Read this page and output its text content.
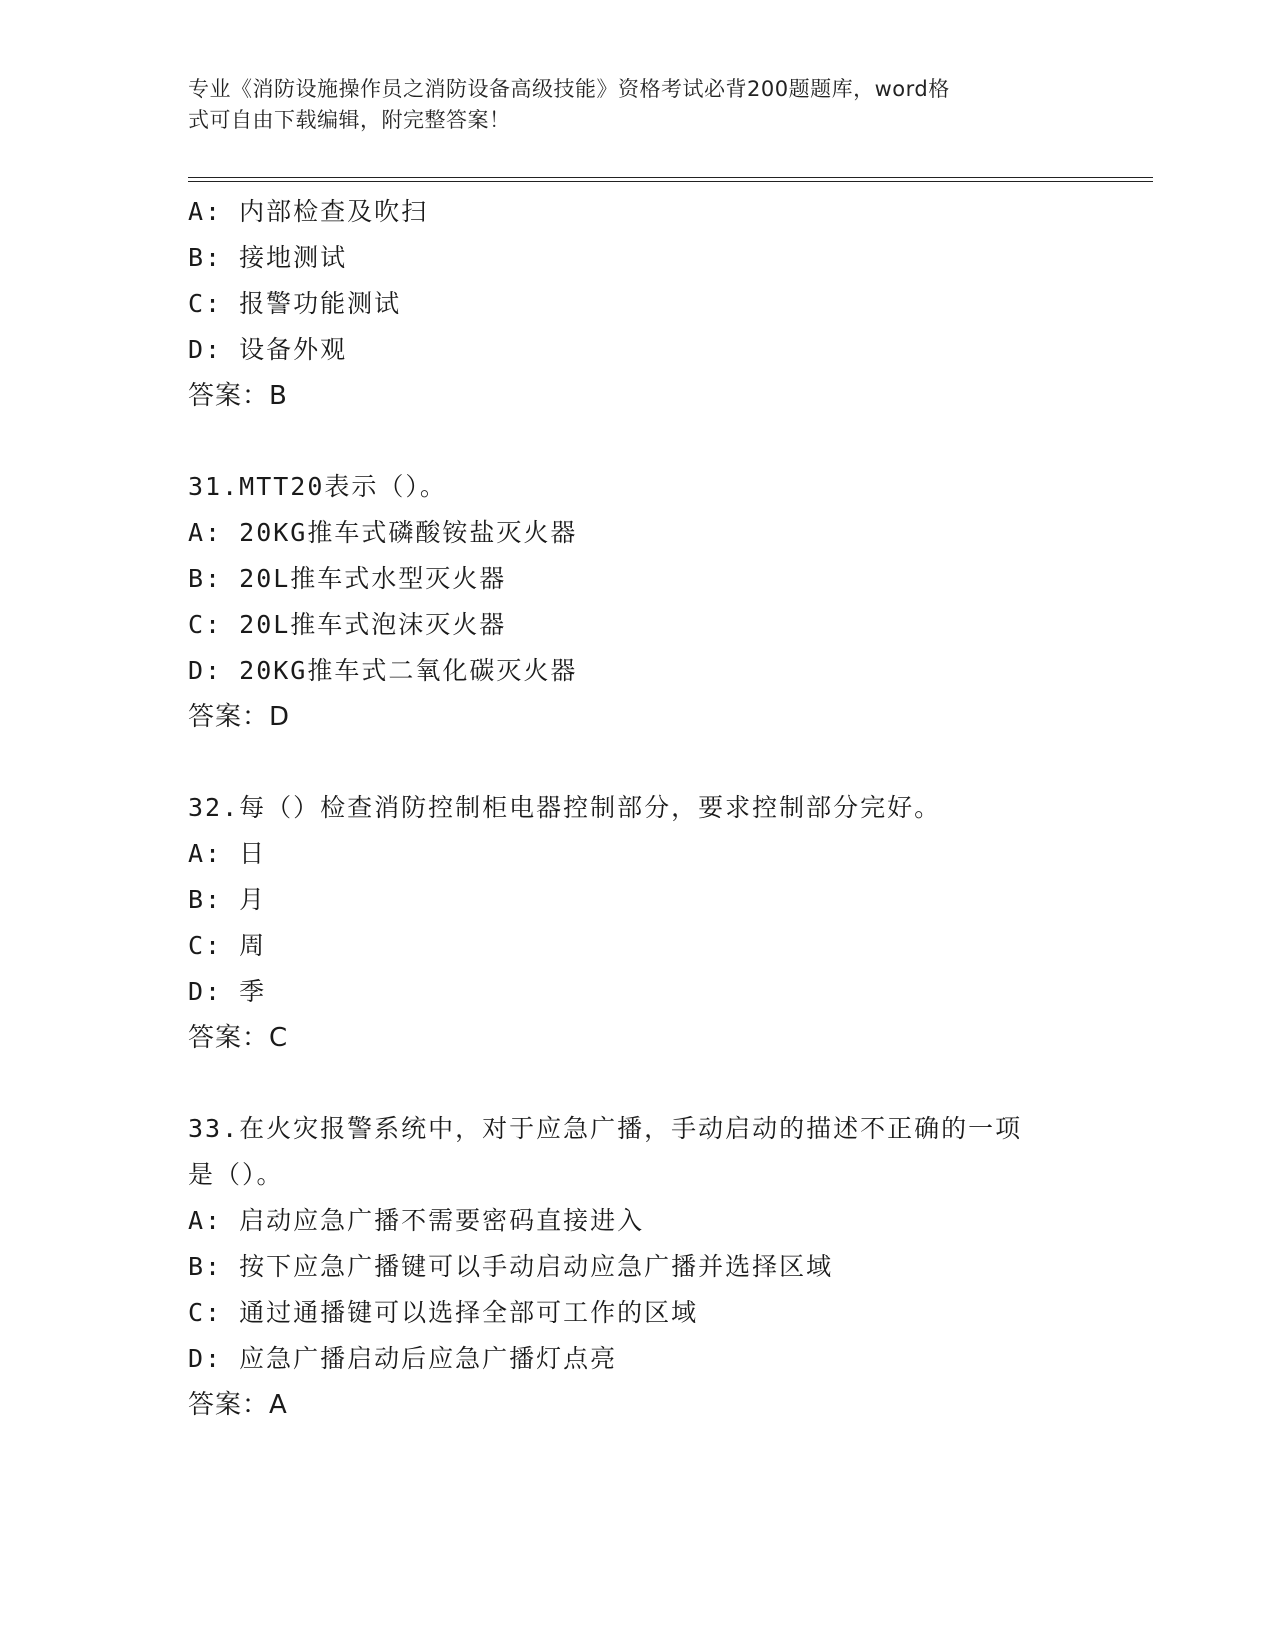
专业《消防设施操作员之消防设备高级技能》资格考试必背200题题库，word格
式可自由下载编辑，附完整答案！
A: 内部检查及吹扫
B: 接地测试
C: 报警功能测试
D: 设备外观
答案：B
31.MTT20表示（）。
A: 20KG推车式磷酸铵盐灭火器
B: 20L推车式水型灭火器
C: 20L推车式泡沫灭火器
D: 20KG推车式二氧化碳灭火器
答案：D
32.每（）检查消防控制柜电器控制部分，要求控制部分完好。
A: 日
B: 月
C: 周
D: 季
答案：C
33.在火灾报警系统中，对于应急广播，手动启动的描述不正确的一项
是（）。
A: 启动应急广播不需要密码直接进入
B: 按下应急广播键可以手动启动应急广播并选择区域
C: 通过通播键可以选择全部可工作的区域
D: 应急广播启动后应急广播灯点亮
答案：A
